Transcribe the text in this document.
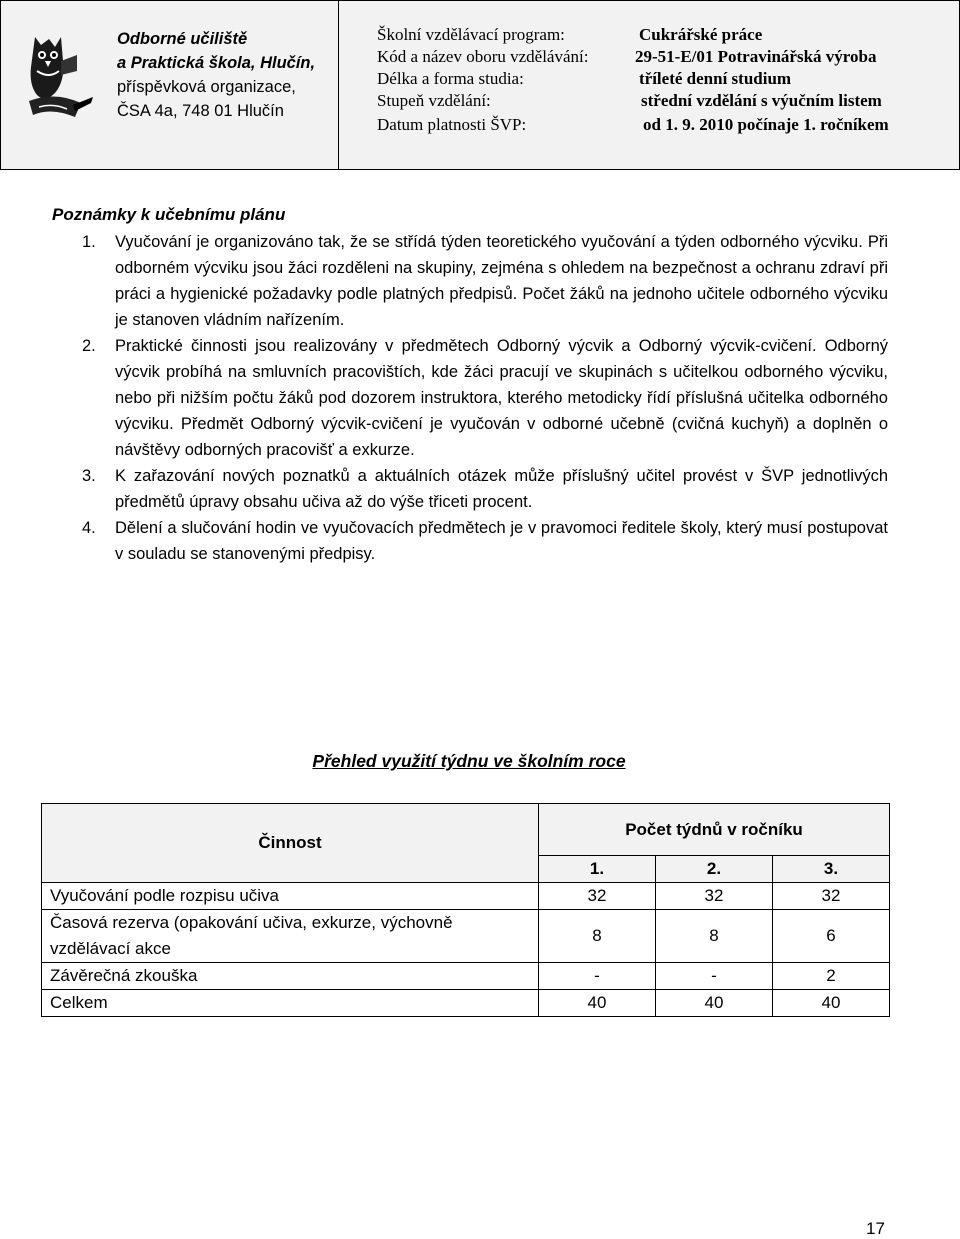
Odborné učiliště
a Praktická škola, Hlučín,
příspěvková organizace,
ČSA 4a, 748 01 Hlučín
Školní vzdělávací program:	Cukrářské práce
Kód a název oboru vzdělávání:	29-51-E/01 Potravinářská výroba
Délka a forma studia:	tříleté denní studium
Stupeň vzdělání:	střední vzdělání s výučním listem
Datum platnosti ŠVP:	od 1. 9. 2010 počínaje 1. ročníkem
Poznámky k učebnímu plánu

1. Vyučování je organizováno tak, že se střídá týden teoretického vyučování a týden odborného výcviku. Při odborném výcviku jsou žáci rozděleni na skupiny, zejména s ohledem na bezpečnost a ochranu zdraví při práci a hygienické požadavky podle platných předpisů. Počet žáků na jednoho učitele odborného výcviku je stanoven vládním nařízením.

2. Praktické činnosti jsou realizovány v předmětech Odborný výcvik a Odborný výcvik-cvičení. Odborný výcvik probíhá na smluvních pracovištích, kde žáci pracují ve skupinách s učitelkou odborného výcviku, nebo při nižším počtu žáků pod dozorem instruktora, kterého metodicky řídí příslušná učitelka odborného výcviku. Předmět Odborný výcvik-cvičení je vyučován v odborné učebně (cvičná kuchyň) a doplněn o návštěvy odborných pracovišť a exkurze.

3. K zařazování nových poznatků a aktuálních otázek může příslušný učitel provést v ŠVP jednotlivých předmětů úpravy obsahu učiva až do výše třiceti procent.

4. Dělení a slučování hodin ve vyučovacích předmětech je v pravomoci ředitele školy, který musí postupovat v souladu se stanovenými předpisy.

Přehled využití týdnu ve školním roce
Činnost	Počet týdnů v ročníku		
	1.	2.	3.
Vyučování podle rozpisu učiva	32	32	32
Časová rezerva (opakování učiva, exkurze, výchovně vzdělávací akce	8	8	6
Závěrečná zkouška	-	-	2
Celkem	40	40	40
17
